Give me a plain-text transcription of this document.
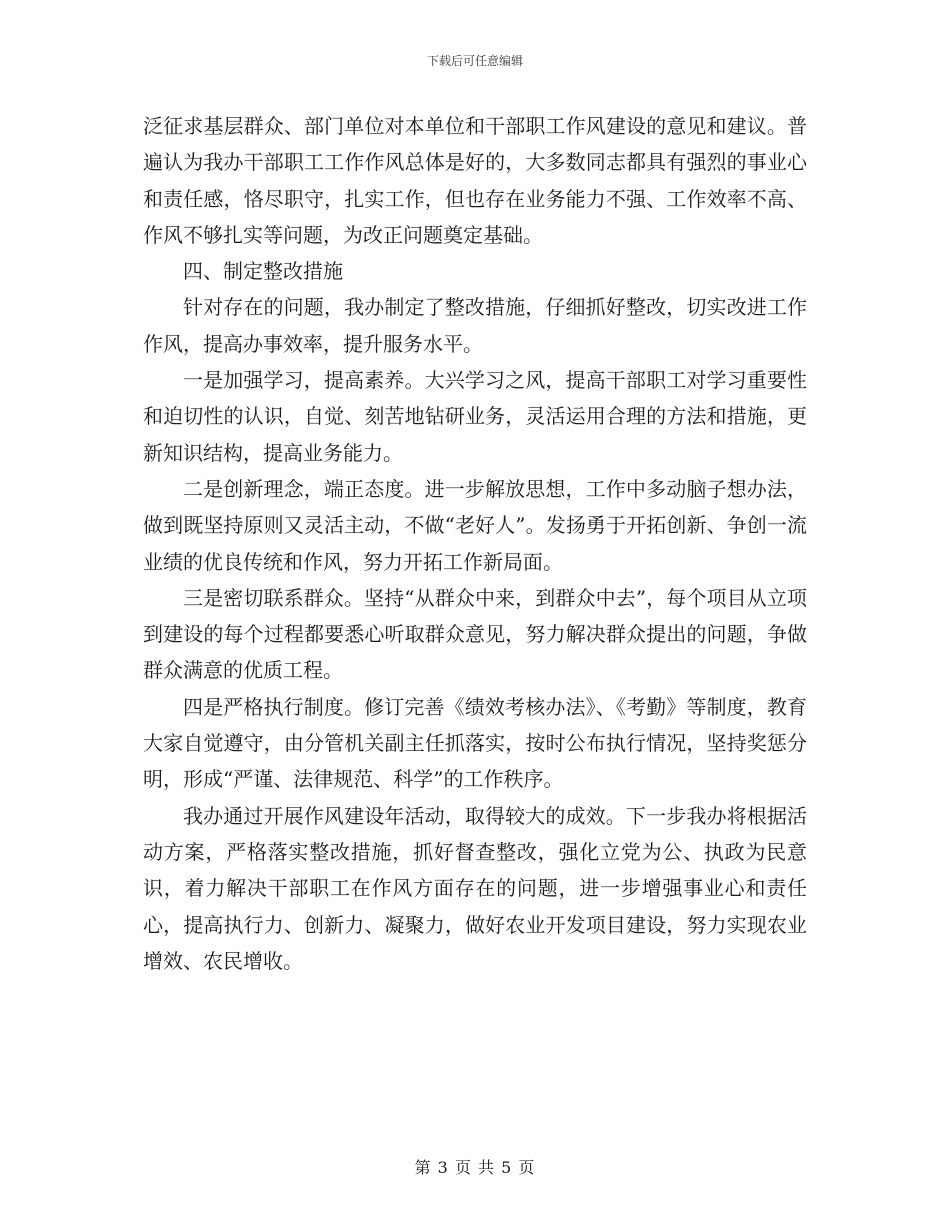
下载后可任意编辑

泛征求基层群众、部门单位对本单位和干部职工作风建设的意见和建议。普遍认为我办干部职工工作作风总体是好的，大多数同志都具有强烈的事业心和责任感，恪尽职守，扎实工作，但也存在业务能力不强、工作效率不高、作风不够扎实等问题，为改正问题奠定基础。

四、制定整改措施

针对存在的问题，我办制定了整改措施，仔细抓好整改，切实改进工作作风，提高办事效率，提升服务水平。

一是加强学习，提高素养。大兴学习之风，提高干部职工对学习重要性和迫切性的认识，自觉、刻苦地钻研业务，灵活运用合理的方法和措施，更新知识结构，提高业务能力。

二是创新理念，端正态度。进一步解放思想，工作中多动脑子想办法，做到既坚持原则又灵活主动，不做“老好人”。发扬勇于开拓创新、争创一流业绩的优良传统和作风，努力开拓工作新局面。

三是密切联系群众。坚持“从群众中来，到群众中去”，每个项目从立项到建设的每个过程都要悉心听取群众意见，努力解决群众提出的问题，争做群众满意的优质工程。

四是严格执行制度。修订完善《绩效考核办法》、《考勤》等制度，教育大家自觉遵守，由分管机关副主任抓落实，按时公布执行情况，坚持奖惩分明，形成“严谨、法律规范、科学”的工作秩序。

我办通过开展作风建设年活动，取得较大的成效。下一步我办将根据活动方案，严格落实整改措施，抓好督查整改，强化立党为公、执政为民意识，着力解决干部职工在作风方面存在的问题，进一步增强事业心和责任心，提高执行力、创新力、凝聚力，做好农业开发项目建设，努力实现农业增效、农民增收。

第 3 页 共 5 页
